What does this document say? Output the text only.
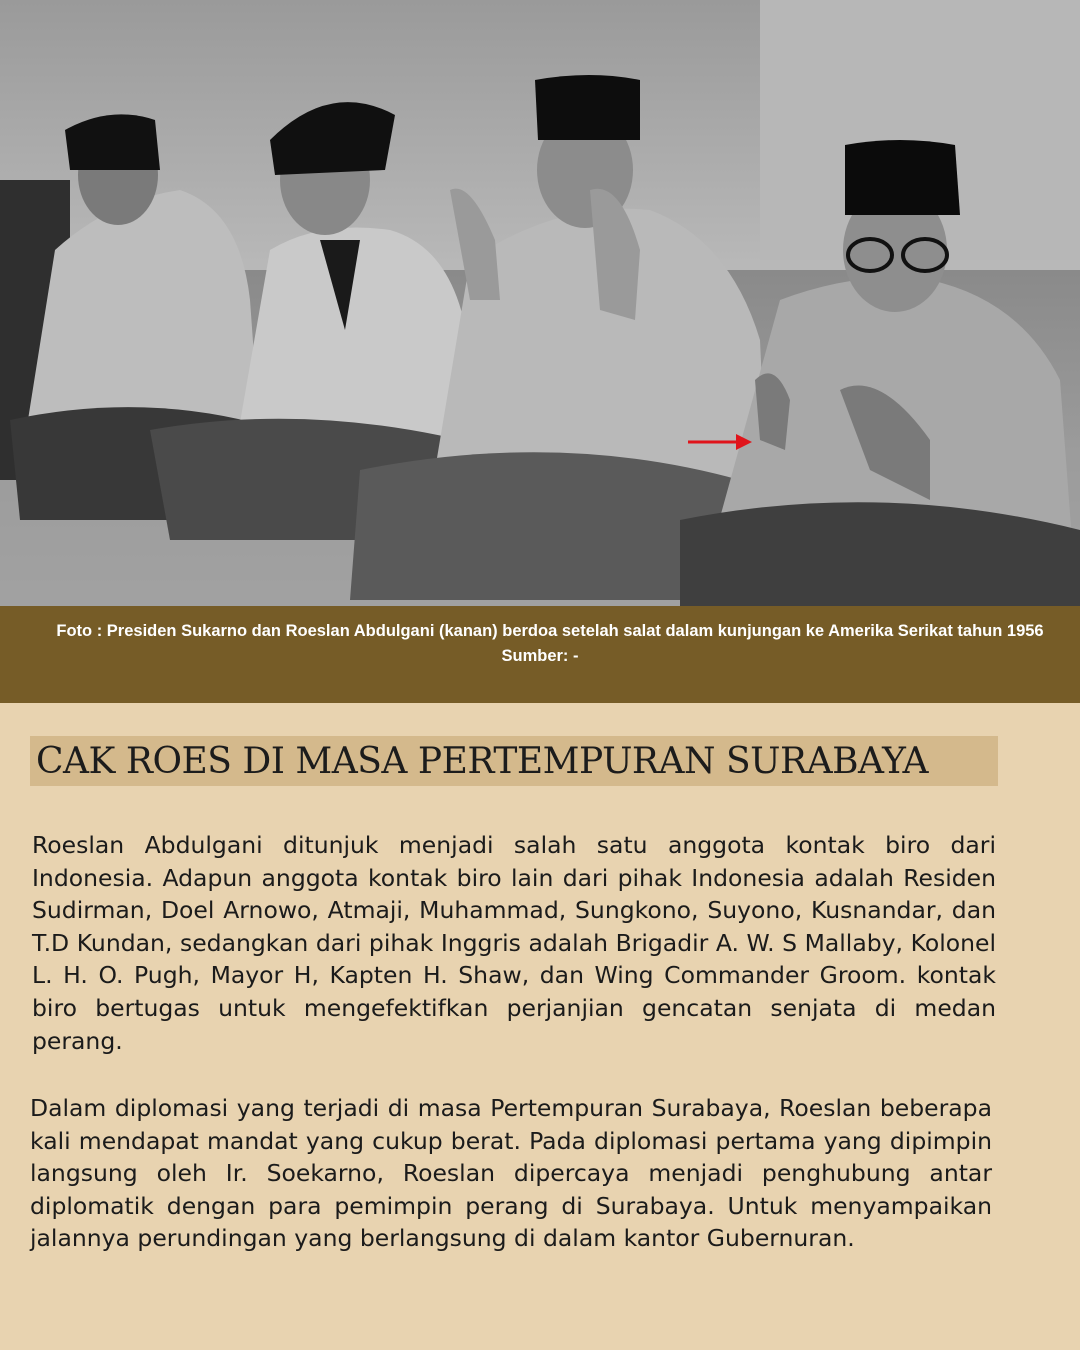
Foto : Presiden Sukarno dan Roeslan Abdulgani (kanan) berdoa setelah salat dalam kunjungan ke Amerika Serikat tahun 1956
Sumber: -
CAK ROES DI MASA PERTEMPURAN SURABAYA
Roeslan Abdulgani ditunjuk menjadi salah satu anggota kontak biro dari Indonesia. Adapun anggota kontak biro lain dari pihak Indonesia adalah Residen Sudirman, Doel Arnowo, Atmaji, Muhammad, Sungkono, Suyono, Kusnandar, dan T.D Kundan, sedangkan dari pihak Inggris adalah Brigadir A. W. S Mallaby, Kolonel L. H. O. Pugh, Mayor H, Kapten H. Shaw, dan Wing Commander Groom. kontak biro bertugas untuk mengefektifkan perjanjian gencatan senjata di medan perang.
Dalam diplomasi yang terjadi di masa Pertempuran Surabaya, Roeslan beberapa kali mendapat mandat yang cukup berat. Pada diplomasi pertama yang dipimpin langsung oleh Ir. Soekarno, Roeslan dipercaya menjadi penghubung antar diplomatik dengan para pemimpin perang di Surabaya. Untuk menyampaikan jalannya perundingan yang berlangsung di dalam kantor Gubernuran.
